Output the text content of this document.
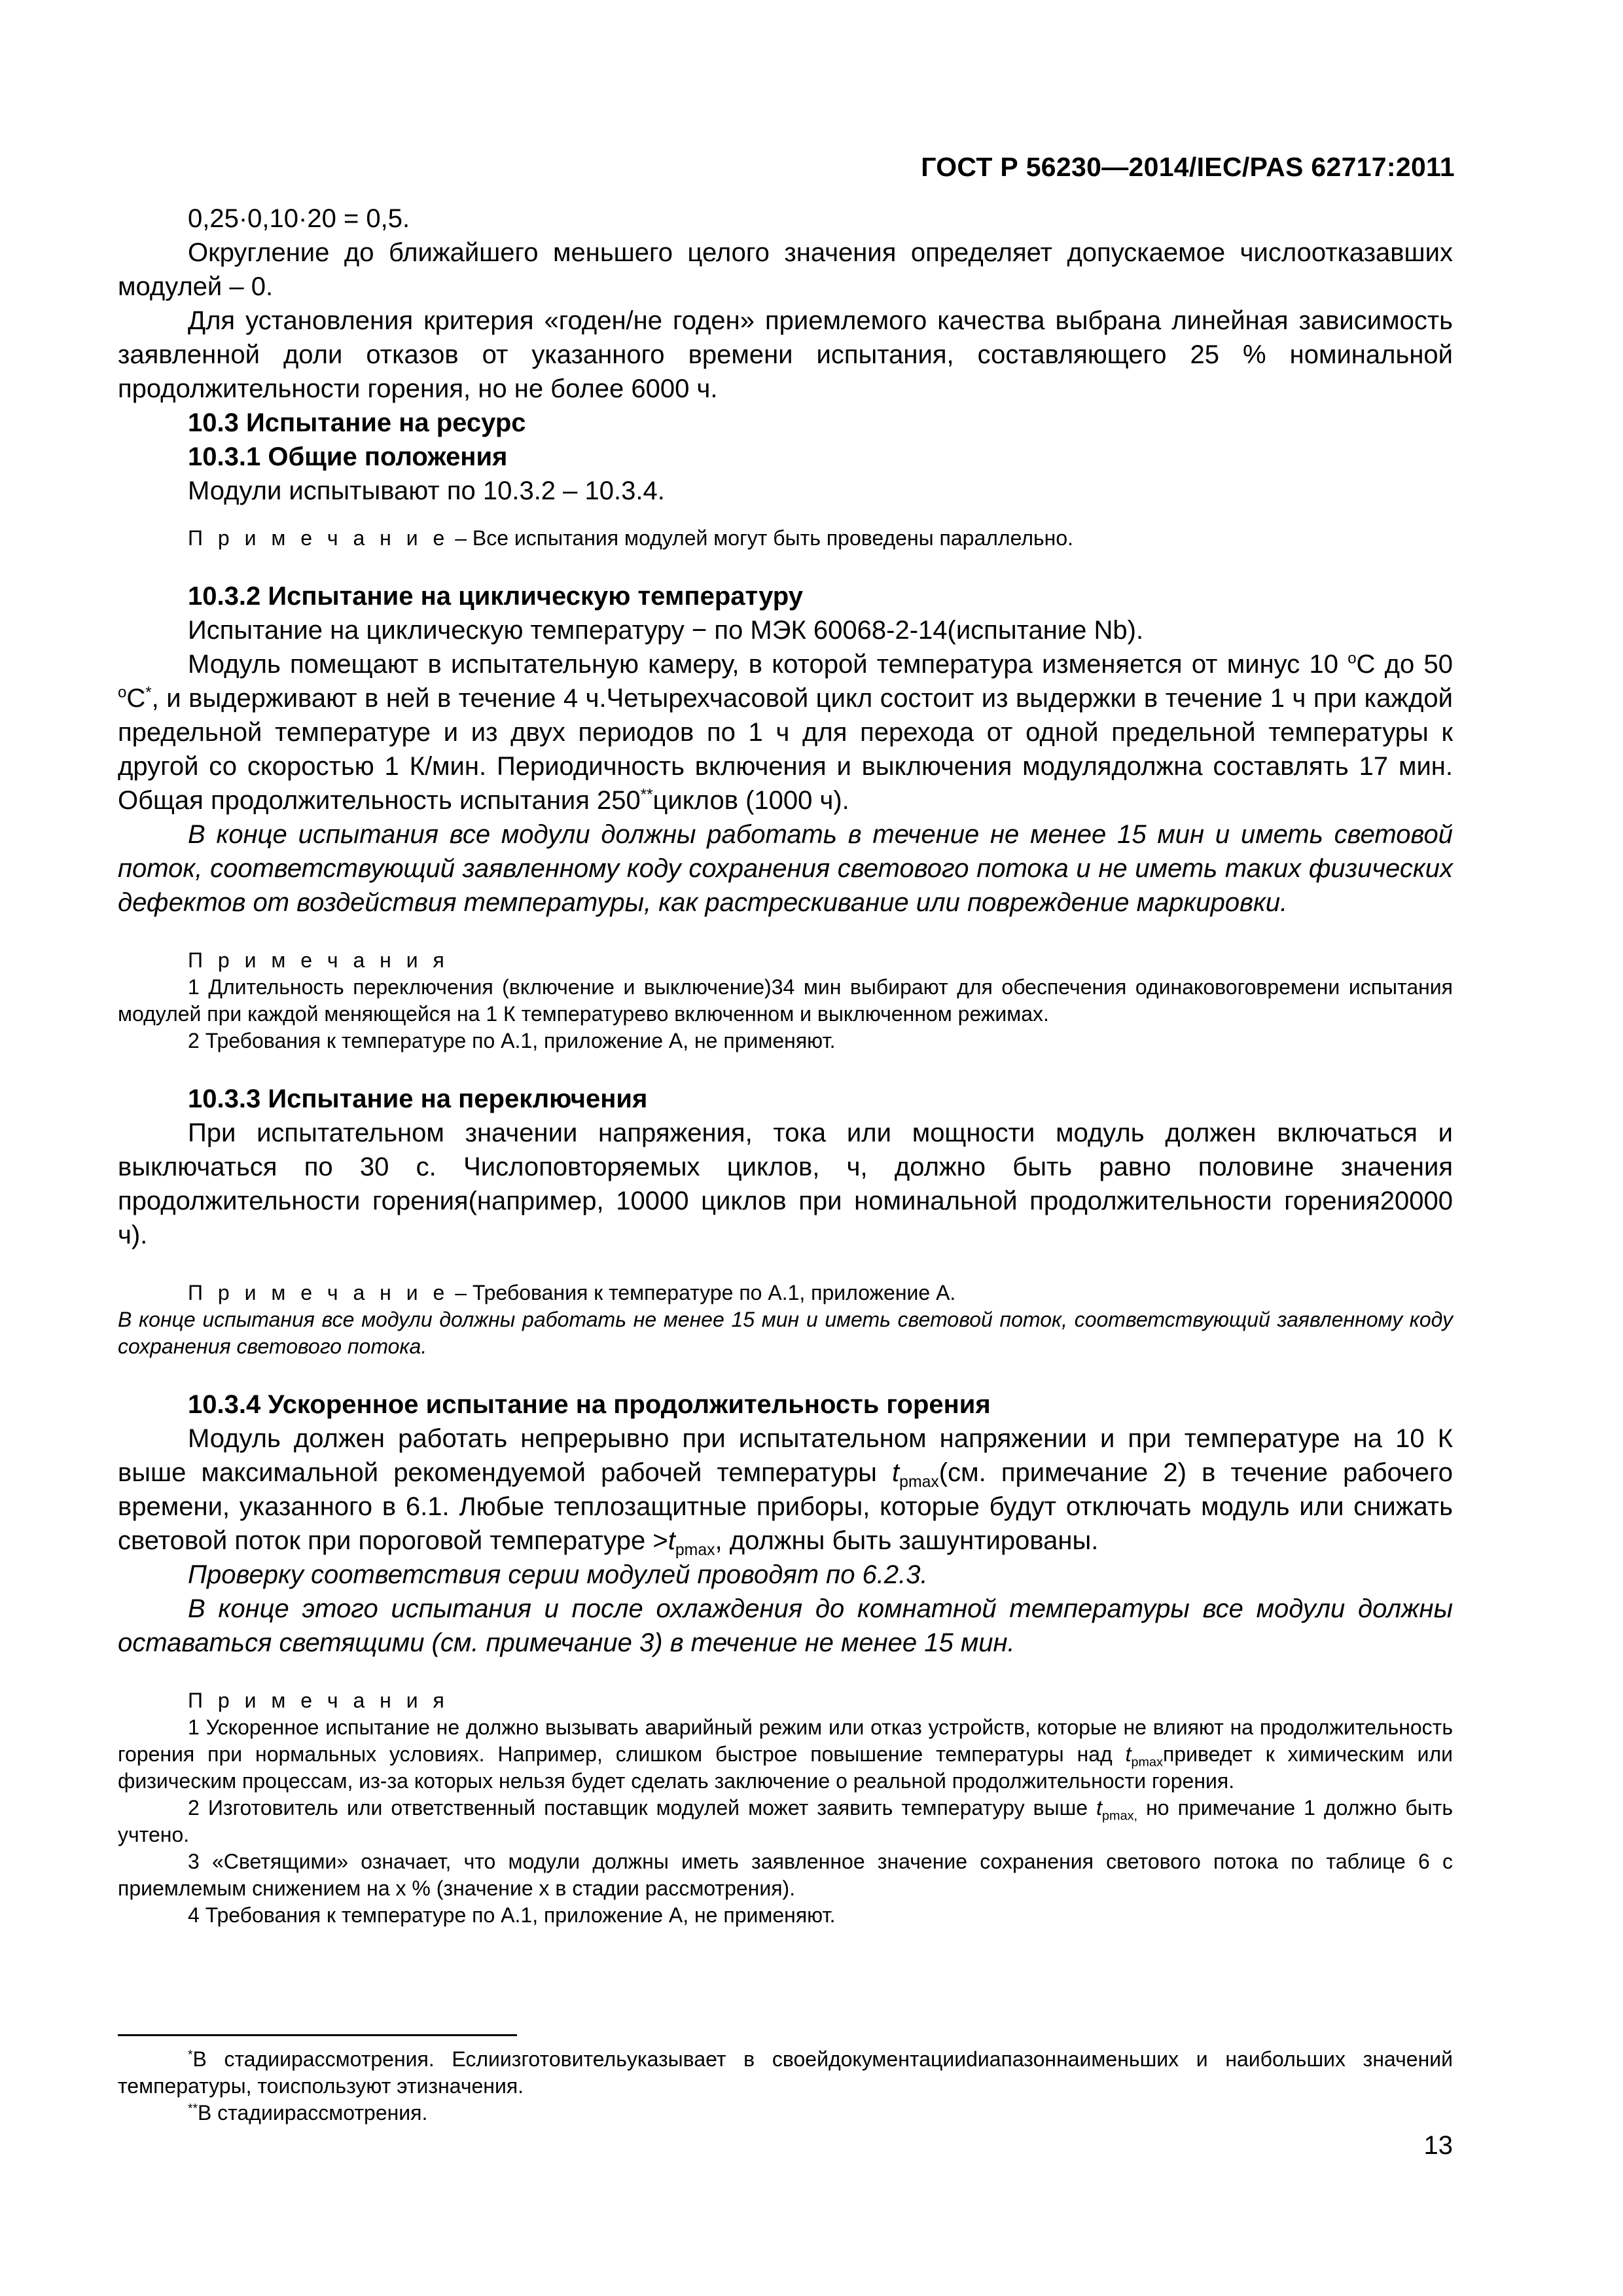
ГОСТ Р 56230—2014/IEC/PAS 62717:2011

0,25·0,10·20 = 0,5.

Округление до ближайшего меньшего целого значения определяет допускаемое числоотказавших модулей – 0.

Для установления критерия «годен/не годен» приемлемого качества выбрана линейная зависимость заявленной доли отказов от указанного времени испытания, составляющего 25 % номинальной продолжительности горения, но не более 6000 ч.

10.3 Испытание на ресурс

10.3.1 Общие положения

Модули испытывают по 10.3.2 – 10.3.4.

П р и м е ч а н и е – Все испытания модулей могут быть проведены параллельно.

10.3.2 Испытание на циклическую температуру

Испытание на циклическую температуру − по МЭК 60068-2-14(испытание Nb).

Модуль помещают в испытательную камеру, в которой температура изменяется от минус 10 $^o$С до 50 $^o$С*, и выдерживают в ней в течение 4 ч.Четырехчасовой цикл состоит из выдержки в течение 1 ч при каждой предельной температуре и из двух периодов по 1 ч для перехода от одной предельной температуры к другой со скоростью 1 К/мин. Периодичность включения и выключения модулядолжна составлять 17 мин. Общая продолжительность испытания 250**циклов (1000 ч).

В конце испытания все модули должны работать в течение не менее 15 мин и иметь световой поток, соответствующий заявленному коду сохранения светового потока и не иметь таких физических дефектов от воздействия температуры, как растрескивание или повреждение маркировки.

П р и м е ч а н и я

1 Длительность переключения (включение и выключение)34 мин выбирают для обеспечения одинаковоговремени испытания модулей при каждой меняющейся на 1 К температурево включенном и выключенном режимах.

2 Требования к температуре по А.1, приложение А, не применяют.

10.3.3 Испытание на переключения

При испытательном значении напряжения, тока или мощности модуль должен включаться и выключаться по 30 с. Числоповторяемых циклов, ч, должно быть равно половине значения продолжительности горения(например, 10000 циклов при номинальной продолжительности горения20000 ч).

П р и м е ч а н и е – Требования к температуре по А.1, приложение А.

В конце испытания все модули должны работать не менее 15 мин и иметь световой поток, соответствующий заявленному коду сохранения светового потока.

10.3.4 Ускоренное испытание на продолжительность горения

Модуль должен работать непрерывно при испытательном напряжении и при температуре на 10 К выше максимальной рекомендуемой рабочей температуры $t_{pmax}(см$. примечание 2) в течение рабочего времени, указанного в 6.1. Любые теплозащитные приборы, которые будут отключать модуль или снижать световой поток при пороговой температуре $>t_{pmax}$, должны быть зашунтированы.

Проверку соответствия серии модулей проводят по 6.2.3.

В конце этого испытания и после охлаждения до комнатной температуры все модули должны оставаться светящими (см. примечание 3) в течение не менее 15 мин.

П р и м е ч а н и я

1 Ускоренное испытание не должно вызывать аварийный режим или отказ устройств, которые не влияют на продолжительность горения при нормальных условиях. Например, слишком быстрое повышение температуры над $t_{pmax}приведет$ к химическим или физическим процессам, из-за которых нельзя будет сделать заключение о реальной продолжительности горения.

2 Изготовитель или ответственный поставщик модулей может заявить температуру выше $t_{pmax,}$ но примечание 1 должно быть учтено.

3 «Светящими» означает, что модули должны иметь заявленное значение сохранения светового потока по таблице 6 с приемлемым снижением на х % (значение х в стадии рассмотрения).

4 Требования к температуре по А.1, приложение А, не применяют.

*В стадиирассмотрения. Еслиизготовительуказывает в своейдокументацииdиапазоннаименьших и наибольших значений температуры, тоиспользуют этизначения.

**В стадиирассмотрения.

13
